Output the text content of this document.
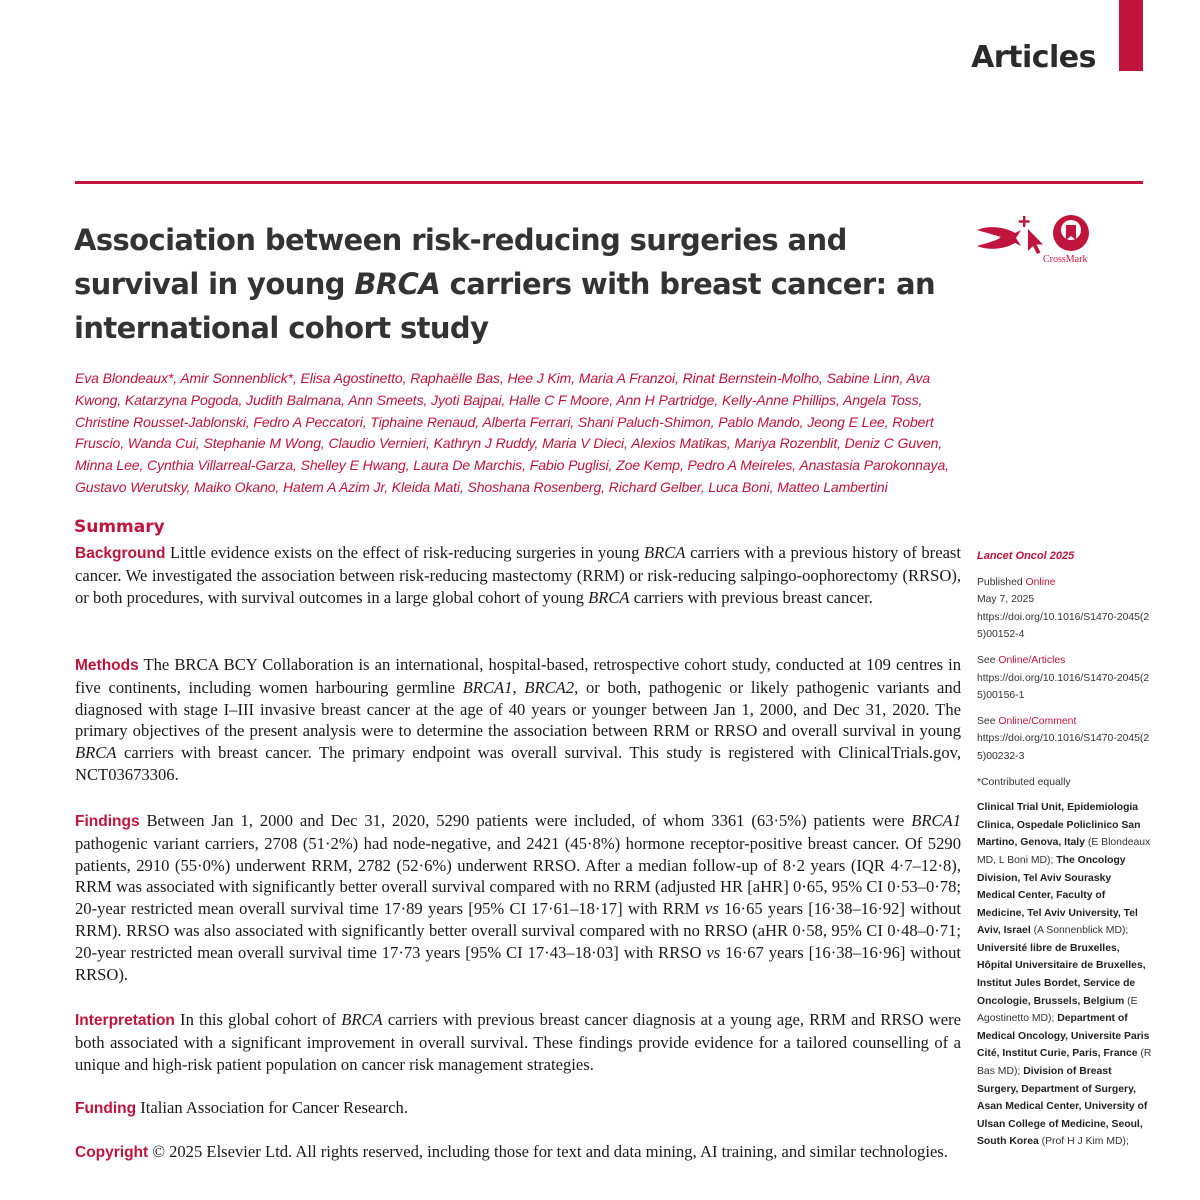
Articles
Association between risk-reducing surgeries and survival in young BRCA carriers with breast cancer: an international cohort study
CrossMark

Eva Blondeaux*, Amir Sonnenblick*, Elisa Agostinetto, Raphaëlle Bas, Hee J Kim, Maria A Franzoi, Rinat Bernstein-Molho, Sabine Linn, Ava Kwong, Katarzyna Pogoda, Judith Balmana, Ann Smeets, Jyoti Bajpai, Halle C F Moore, Ann H Partridge, Kelly-Anne Phillips, Angela Toss, Christine Rousset-Jablonski, Fedro A Peccatori, Tiphaine Renaud, Alberta Ferrari, Shani Paluch-Shimon, Pablo Mando, Jeong E Lee, Robert Fruscio, Wanda Cui, Stephanie M Wong, Claudio Vernieri, Kathryn J Ruddy, Maria V Dieci, Alexios Matikas, Mariya Rozenblit, Deniz C Guven, Minna Lee, Cynthia Villarreal-Garza, Shelley E Hwang, Laura De Marchis, Fabio Puglisi, Zoe Kemp, Pedro A Meireles, Anastasia Parokonnaya, Gustavo Werutsky, Maiko Okano, Hatem A Azim Jr, Kleida Mati, Shoshana Rosenberg, Richard Gelber, Luca Boni, Matteo Lambertini

Summary

Background Little evidence exists on the effect of risk-reducing surgeries in young BRCA carriers with a previous history of breast cancer. We investigated the association between risk-reducing mastectomy (RRM) or risk-reducing salpingo-oophorectomy (RRSO), or both procedures, with survival outcomes in a large global cohort of young BRCA carriers with previous breast cancer.

Methods The BRCA BCY Collaboration is an international, hospital-based, retrospective cohort study, conducted at 109 centres in five continents, including women harbouring germline BRCA1, BRCA2, or both, pathogenic or likely pathogenic variants and diagnosed with stage I–III invasive breast cancer at the age of 40 years or younger between Jan 1, 2000, and Dec 31, 2020. The primary objectives of the present analysis were to determine the association between RRM or RRSO and overall survival in young BRCA carriers with breast cancer. The primary endpoint was overall survival. This study is registered with ClinicalTrials.gov, NCT03673306.

Findings Between Jan 1, 2000 and Dec 31, 2020, 5290 patients were included, of whom 3361 (63·5%) patients were BRCA1 pathogenic variant carriers, 2708 (51·2%) had node-negative, and 2421 (45·8%) hormone receptor-positive breast cancer. Of 5290 patients, 2910 (55·0%) underwent RRM, 2782 (52·6%) underwent RRSO. After a median follow-up of 8·2 years (IQR 4·7–12·8), RRM was associated with significantly better overall survival compared with no RRM (adjusted HR [aHR] 0·65, 95% CI 0·53–0·78; 20-year restricted mean overall survival time 17·89 years [95% CI 17·61–18·17] with RRM vs 16·65 years [16·38–16·92] without RRM). RRSO was also associated with significantly better overall survival compared with no RRSO (aHR 0·58, 95% CI 0·48–0·71; 20-year restricted mean overall survival time 17·73 years [95% CI 17·43–18·03] with RRSO vs 16·67 years [16·38–16·96] without RRSO).

Interpretation In this global cohort of BRCA carriers with previous breast cancer diagnosis at a young age, RRM and RRSO were both associated with a significant improvement in overall survival. These findings provide evidence for a tailored counselling of a unique and high-risk patient population on cancer risk management strategies.

Funding Italian Association for Cancer Research.

Copyright © 2025 Elsevier Ltd. All rights reserved, including those for text and data mining, AI training, and similar technologies.

Lancet Oncol 2025

Published Online
May 7, 2025
https://doi.org/10.1016/S1470-2045(25)00152-4

See Online/Articles
https://doi.org/10.1016/S1470-2045(25)00156-1

See Online/Comment
https://doi.org/10.1016/S1470-2045(25)00232-3

*Contributed equally

Clinical Trial Unit, Epidemiologia Clinica, Ospedale Policlinico San Martino, Genova, Italy (E Blondeaux MD, L Boni MD); The Oncology Division, Tel Aviv Sourasky Medical Center, Faculty of Medicine, Tel Aviv University, Tel Aviv, Israel (A Sonnenblick MD); Université libre de Bruxelles, Hôpital Universitaire de Bruxelles, Institut Jules Bordet, Service de Oncologie, Brussels, Belgium (E Agostinetto MD); Department of Medical Oncology, Universite Paris Cité, Institut Curie, Paris, France (R Bas MD); Division of Breast Surgery, Department of Surgery, Asan Medical Center, University of Ulsan College of Medicine, Seoul, South Korea (Prof H J Kim MD);
